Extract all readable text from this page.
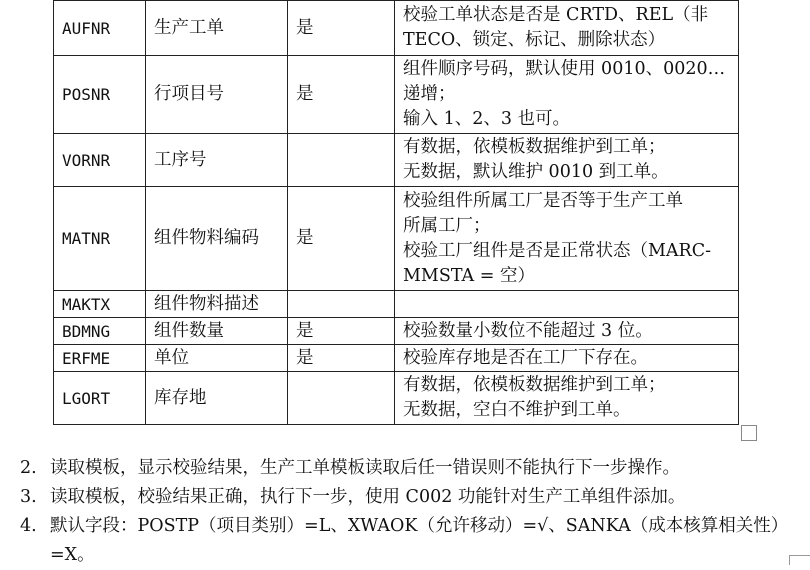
AUFNR	生产工单	是	校验工单状态是否是 CRTD、REL（非
TECO、锁定、标记、删除状态）
POSNR	行项目号	是	组件顺序号码，默认使用 0010、0020…
递增；
输入 1、2、3 也可。
VORNR	工序号		有数据，依模板数据维护到工单；
无数据，默认维护 0010 到工单。
MATNR	组件物料编码	是	校验组件所属工厂是否等于生产工单
所属工厂；
校验工厂组件是否是正常状态（MARC-
MMSTA = 空）
MAKTX	组件物料描述		
BDMNG	组件数量	是	校验数量小数位不能超过 3 位。
ERFME	单位	是	校验库存地是否在工厂下存在。
LGORT	库存地		有数据，依模板数据维护到工单；
无数据，空白不维护到工单。
2. 读取模板，显示校验结果，生产工单模板读取后任一错误则不能执行下一步操作。
3. 读取模板，校验结果正确，执行下一步，使用 C002 功能针对生产工单组件添加。
4. 默认字段：POSTP（项目类别）=L、XWAOK（允许移动）=√、SANKA（成本核算相关性）=X。
